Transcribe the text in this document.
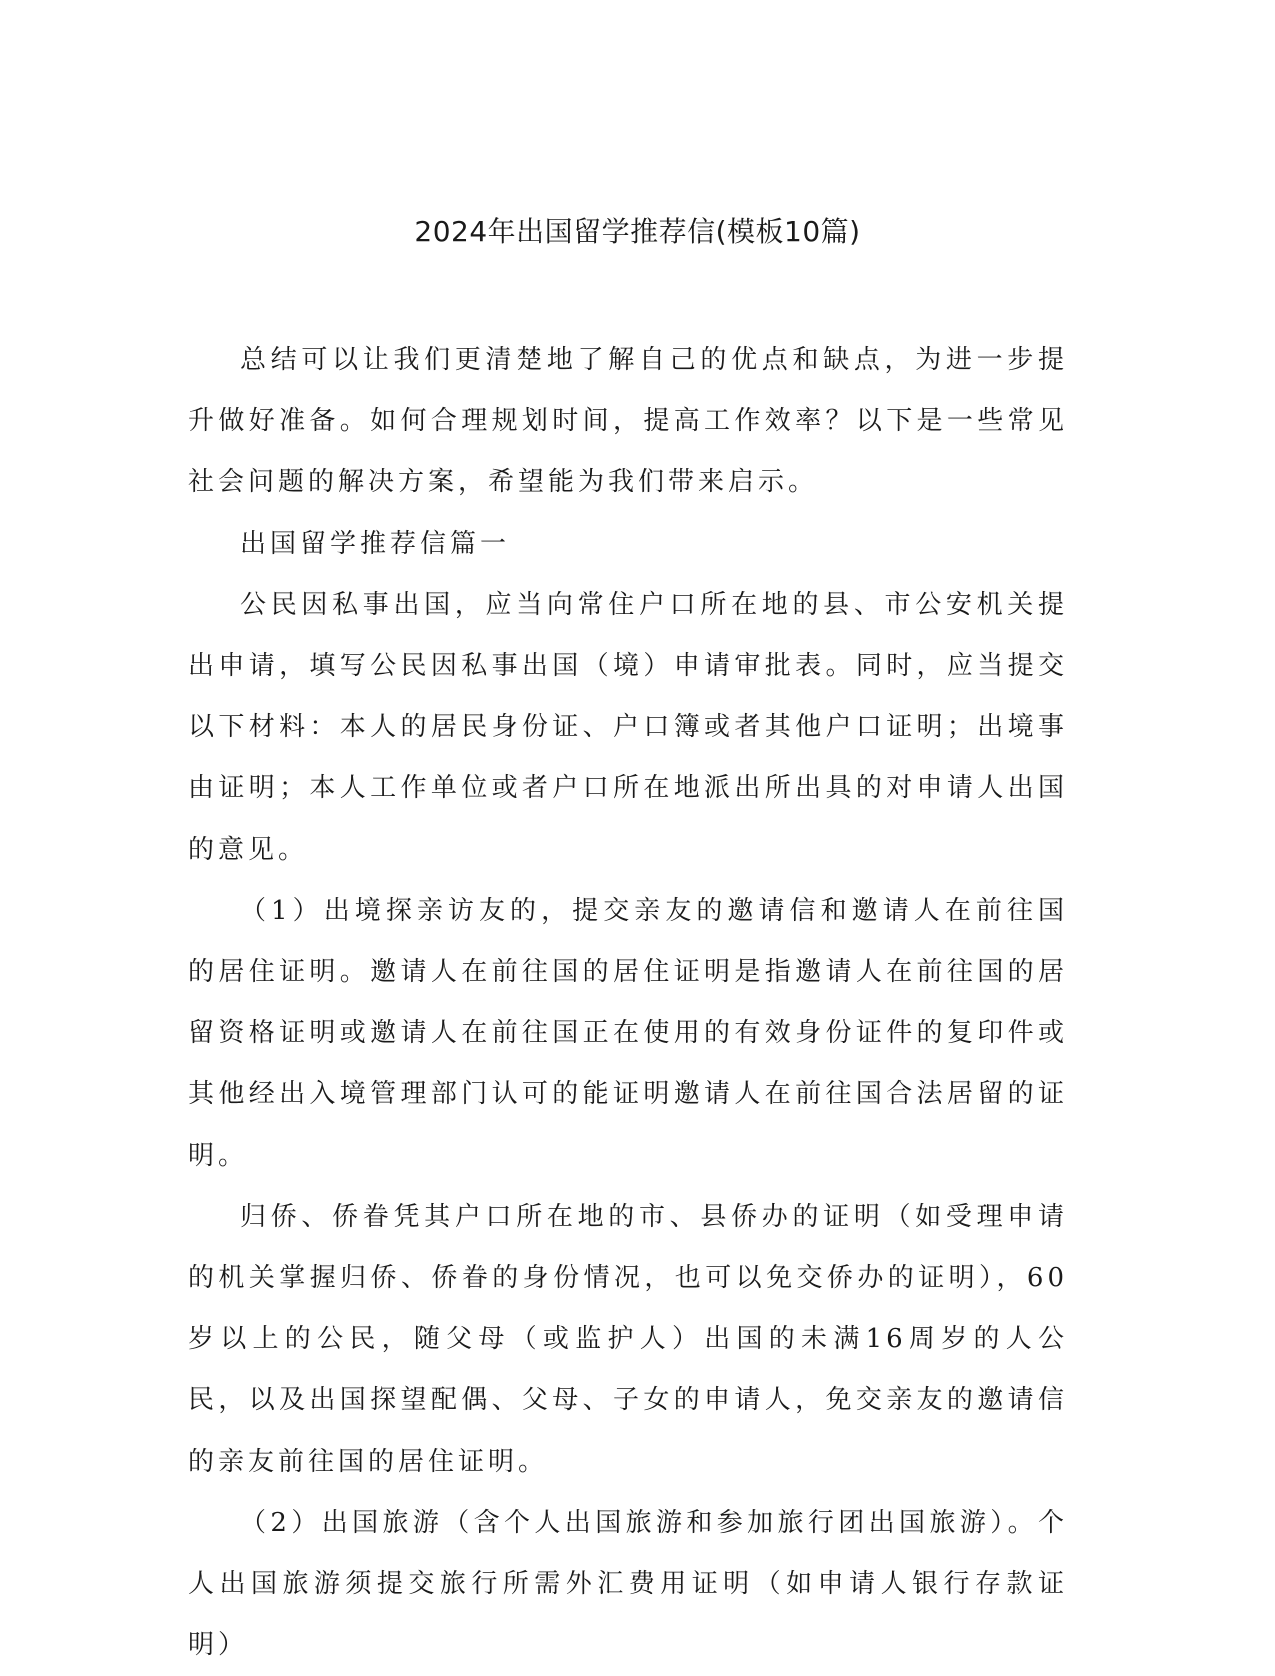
2024年出国留学推荐信(模板10篇)

总结可以让我们更清楚地了解自己的优点和缺点，为进一步提升做好准备。如何合理规划时间，提高工作效率？以下是一些常见社会问题的解决方案，希望能为我们带来启示。

出国留学推荐信篇一

公民因私事出国，应当向常住户口所在地的县、市公安机关提出申请，填写公民因私事出国（境）申请审批表。同时，应当提交以下材料：本人的居民身份证、户口簿或者其他户口证明；出境事由证明；本人工作单位或者户口所在地派出所出具的对申请人出国的意见。

（1）出境探亲访友的，提交亲友的邀请信和邀请人在前往国的居住证明。邀请人在前往国的居住证明是指邀请人在前往国的居留资格证明或邀请人在前往国正在使用的有效身份证件的复印件或其他经出入境管理部门认可的能证明邀请人在前往国合法居留的证明。

归侨、侨眷凭其户口所在地的市、县侨办的证明（如受理申请的机关掌握归侨、侨眷的身份情况，也可以免交侨办的证明），60岁以上的公民，随父母（或监护人）出国的未满16周岁的人公民，以及出国探望配偶、父母、子女的申请人，免交亲友的邀请信的亲友前往国的居住证明。

（2）出国旅游（含个人出国旅游和参加旅行团出国旅游）。个人出国旅游须提交旅行所需外汇费用证明（如申请人银行存款证明）
